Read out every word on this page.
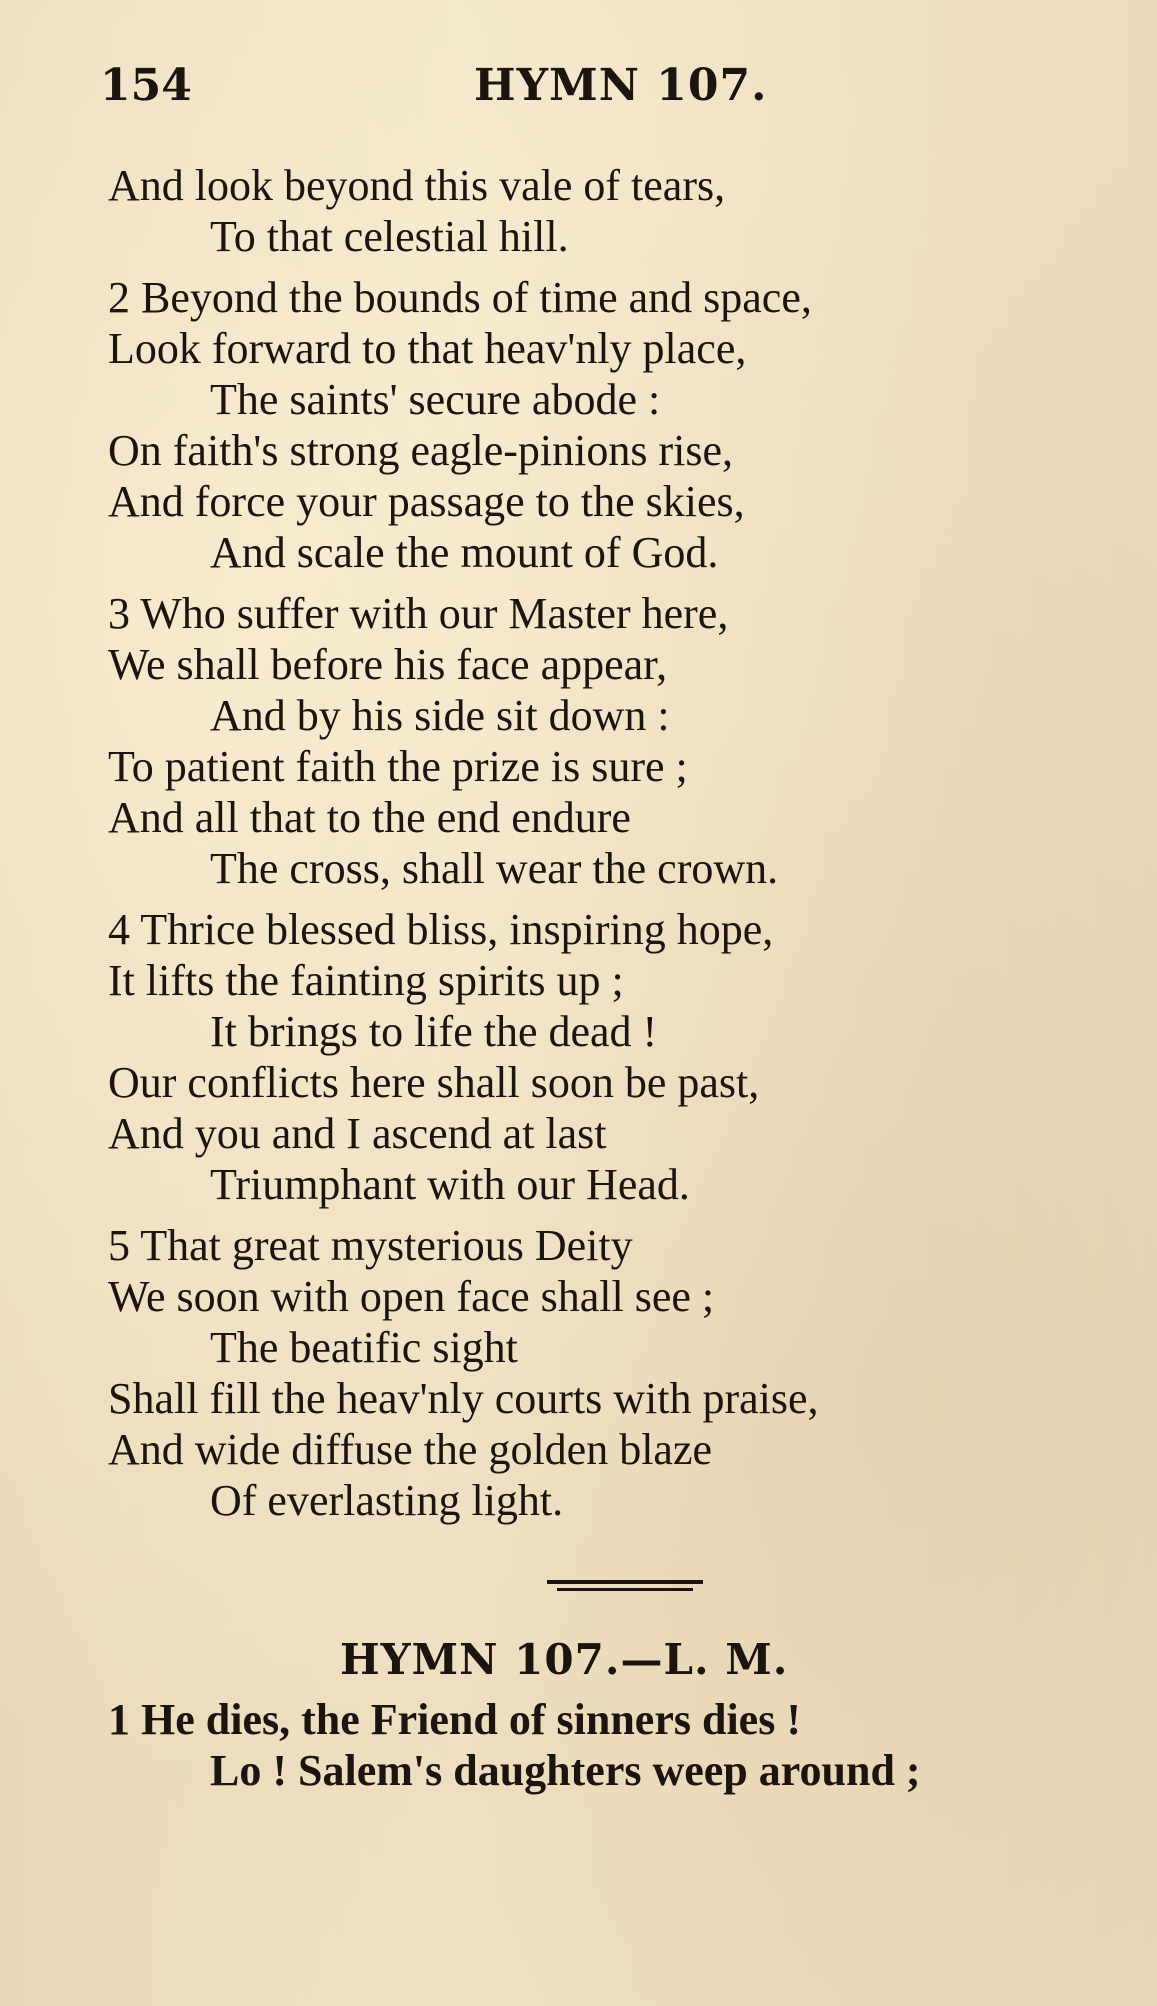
154	HYMN 107.
And look beyond this vale of tears,
To that celestial hill.
2 Beyond the bounds of time and space,
Look forward to that heav'nly place,
The saints' secure abode :
On faith's strong eagle-pinions rise,
And force your passage to the skies,
And scale the mount of God.
3 Who suffer with our Master here,
We shall before his face appear,
And by his side sit down :
To patient faith the prize is sure ;
And all that to the end endure
The cross, shall wear the crown.
4 Thrice blessed bliss, inspiring hope,
It lifts the fainting spirits up ;
It brings to life the dead !
Our conflicts here shall soon be past,
And you and I ascend at last
Triumphant with our Head.
5 That great mysterious Deity
We soon with open face shall see ;
The beatific sight
Shall fill the heav'nly courts with praise,
And wide diffuse the golden blaze
Of everlasting light.
HYMN 107.—L. M.
1 He dies, the Friend of sinners dies !
Lo ! Salem's daughters weep around ;
